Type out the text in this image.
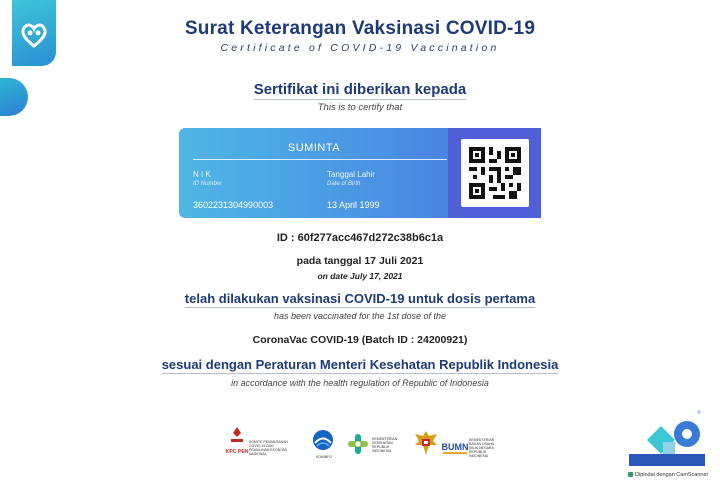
Surat Keterangan Vaksinasi COVID-19
Certificate of COVID-19 Vaccination
Sertifikat ini diberikan kepada
This is to certify that
SUMINTA
N I K
ID Number
3602231304990003
Tanggal Lahir
Date of Birth
13 April 1999
ID : 60f277acc467d272c38b6c1a
pada tanggal 17 Juli 2021
on date July 17, 2021
telah dilakukan vaksinasi COVID-19 untuk dosis pertama
has been vaccinated for the 1st dose of the
CoronaVac COVID-19 (Batch ID : 24200921)
sesuai dengan Peraturan Menteri Kesehatan Republik Indonesia
in accordance with the health regulation of Republic of Indonesia
KPC PEN
KOMITE PENANGANAN COVID-19 DAN PEMULIHAN EKONOMI NASIONAL
KOMINFO
KEMENTERIAN KESEHATAN REPUBLIK INDONESIA	BUMN
KEMENTERIAN BADAN USAHA MILIK NEGARA REPUBLIK INDONESIA
Dipindai dengan CamScanner
